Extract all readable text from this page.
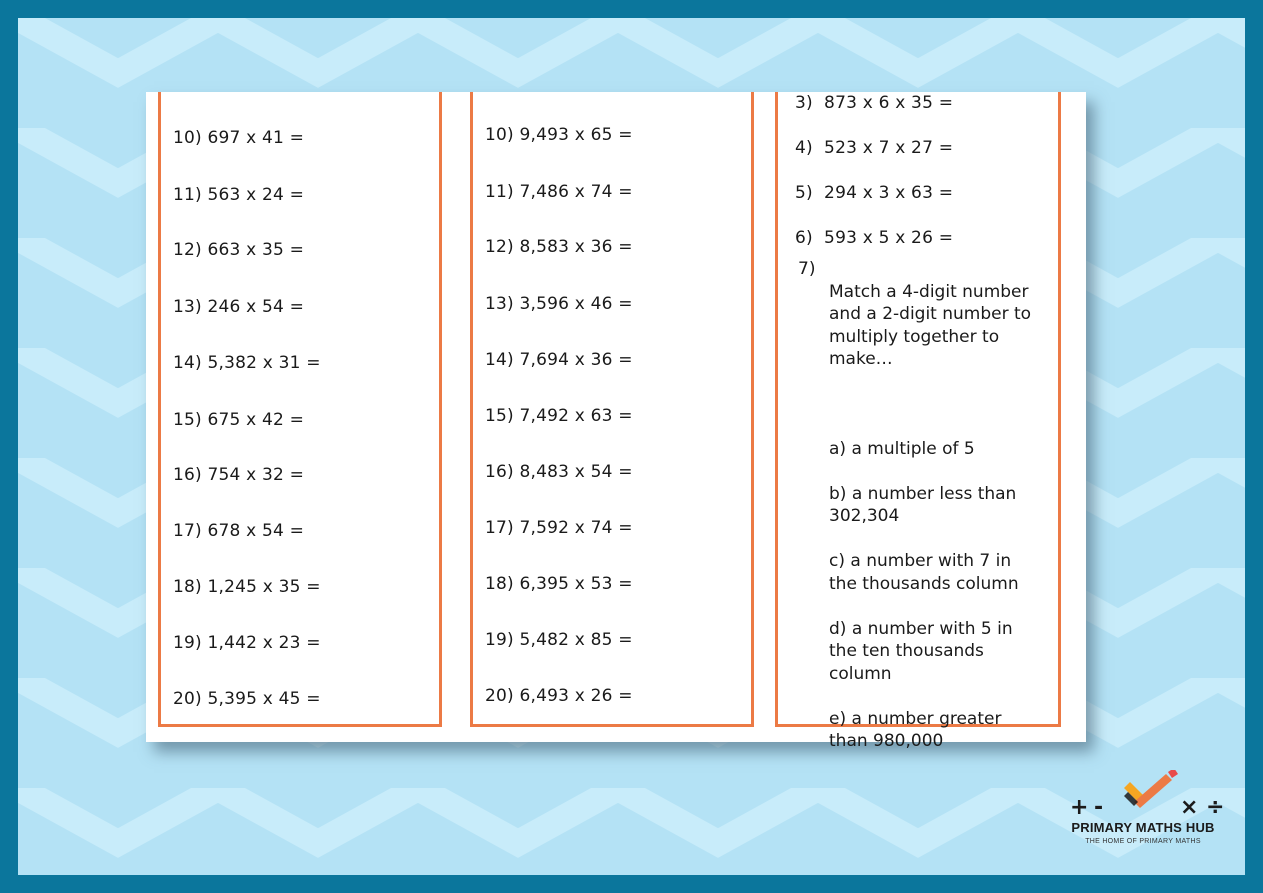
10) 697 x 41 =
11) 563 x 24 =
12) 663 x 35 =
13) 246 x 54 =
14) 5,382 x 31 =
15) 675 x 42 =
16) 754 x 32 =
17) 678 x 54 =
18) 1,245 x 35 =
19) 1,442 x 23 =
20) 5,395 x 45 =
10) 9,493 x 65 =
11) 7,486 x 74 =
12) 8,583 x 36 =
13) 3,596 x 46 =
14) 7,694 x 36 =
15) 7,492 x 63 =
16) 8,483 x 54 =
17) 7,592 x 74 =
18) 6,395 x 53 =
19) 5,482 x 85 =
20) 6,493 x 26 =
3)  873 x 6 x 35 =
4)  523 x 7 x 27 =
5)  294 x 3 x 63 =
6)  593 x 5 x 26 =
7)

Match a 4-digit number
and a 2-digit number to
multiply together to
make…

a) a multiple of 5

b) a number less than
302,304

c) a number with 7 in
the thousands column

d) a number with 5 in
the ten thousands
column

e) a number greater
than 980,000

+ -	× ÷
PRIMARY MATHS HUB
THE HOME OF PRIMARY MATHS
